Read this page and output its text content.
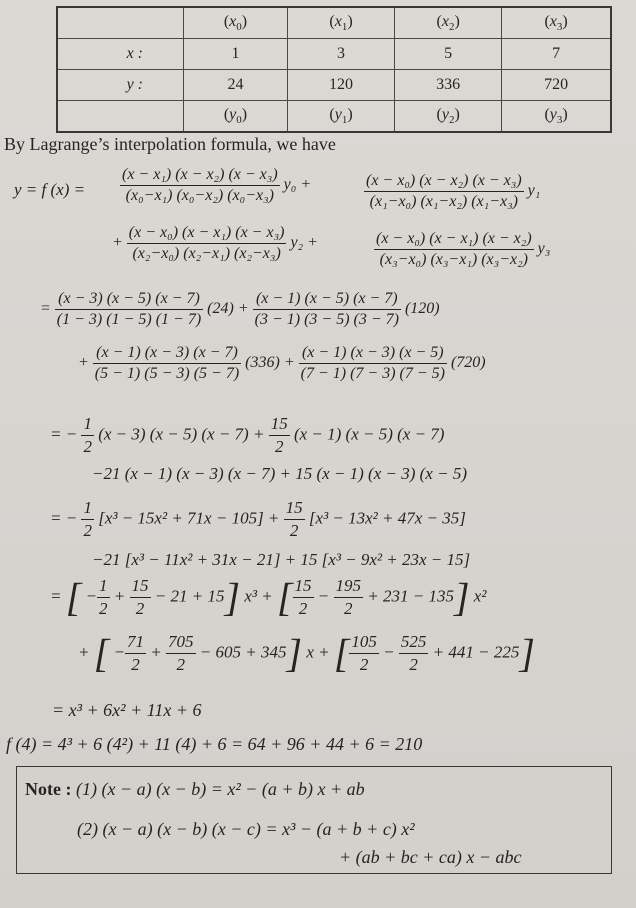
	$(x_0)$	$(x_1)$	$(x_2)$	$(x_3)$
x :	1	3	5	7
y :	24	120	336	720
	$(y_0)$	$(y_1)$	$(y_2)$	$(y_3)$
By Lagrange’s interpolation formula, we have
y = f $(x) = \frac{\text{(x − x₁) (x − x₂) (x − x₃)}}{\text{(x₀−x₁) (x₀−x₂) (x₀−x₃)}} y_0$ +	$\frac{\text{(x − x₀) (x − x₂) (x − x₃)}}{\text{(x₁−x₀) (x₁−x₂) (x₁−x₃)}} y_1$
+ $\frac{\text{(x − x₀) (x − x₁) (x − x₃)}}{\text{(x₂−x₀) (x₂−x₁) (x₂−x₃)}} y_2$ +	$\frac{\text{(x − x₀) (x − x₁) (x − x₂)}}{\text{(x₃−x₀) (x₃−x₁) (x₃−x₂)}} y_3$
= $\frac{(x - 3) (x - 5) (x - 7)}{(1 - 3) (1 - 5) (1 - 7)} (24) + \frac{(x - 1) (x - 5) (x - 7)}{(3 - 1) (3 - 5) (3 - 7)} (120)$
+ $\frac{(x - 1) (x - 3) (x - 7)}{(5 - 1) (5 - 3) (5 - 7)} (336) + \frac{(x - 1) (x - 3) (x - 5)}{(7 - 1) (7 - 3) (7 - 5)} (720)$
= − $\frac{1}{2} (x - 3) (x - 5) (x - 7) + \frac{15}{2} (x - 1) (x - 5) (x - 7)$
−21 (x − 1) (x − 3) (x − 7) + 15 (x − 1) (x − 3) (x − 5)
= − $\frac{1}{2} [x^3 - 15x^2 + 71x - 105] + \frac{15}{2} [x^3 - 13x^2 + 47x - 35]$
−21 [x³ − 11x² + 31x − 21] + 15 [x³ − 9x² + 23x − 15]
= [ − $\frac{1}{2} + \frac{15}{2} - 21 + 15$] x³ + [ $\frac{15}{2} - \frac{195}{2} + 231 - 135$] x²
+ [ − $\frac{71}{2} + \frac{705}{2} - 605 + 345$] x + [ $\frac{105}{2} - \frac{525}{2} + 441 - 225$]
= x³ + 6x² + 11x + 6
f (4) = 4³ + 6 (4²) + 11 (4) + 6 = 64 + 96 + 44 + 6 = 210
Note : (1) (x − a) (x − b) = x² − (a + b) x + ab
(2) (x − a) (x − b) (x − c) = x³ − (a + b + c) x²
+ (ab + bc + ca) x − abc
